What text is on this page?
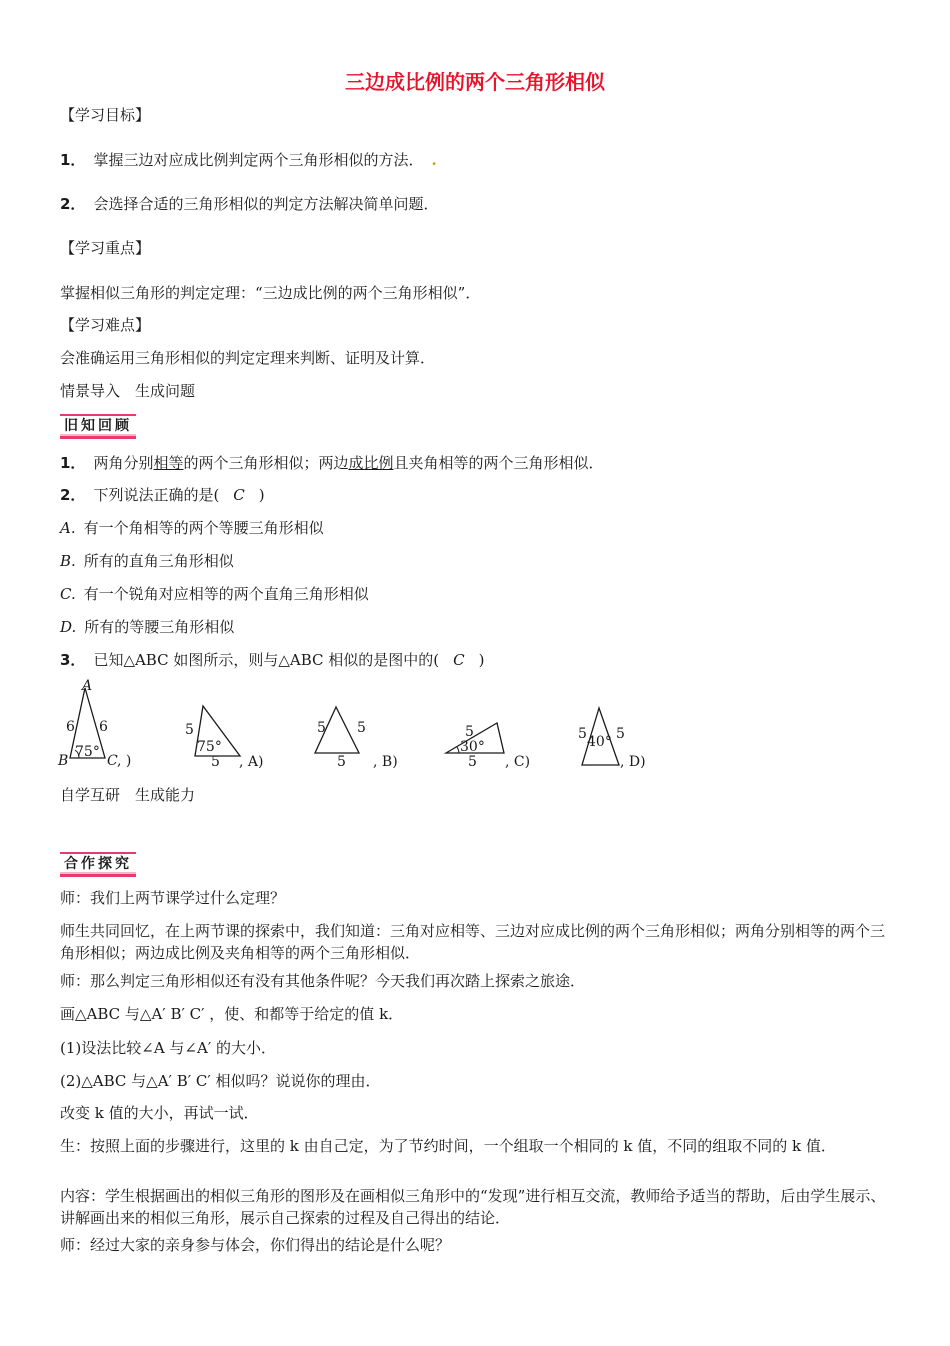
三边成比例的两个三角形相似
【学习目标】
1． 掌握三边对应成比例判定两个三角形相似的方法． .
2． 会选择合适的三角形相似的判定方法解决简单问题．
【学习重点】
掌握相似三角形的判定定理：“三边成比例的两个三角形相似”．
【学习难点】
会准确运用三角形相似的判定定理来判断、证明及计算．
情景导入　生成问题
旧知回顾
1． 两角分别相等的两个三角形相似；两边成比例且夹角相等的两个三角形相似．
2． 下列说法正确的是( C )
A. 有一个角相等的两个等腰三角形相似
B. 所有的直角三角形相似
C. 有一个锐角对应相等的两个直角三角形相似
D. 所有的等腰三角形相似
3． 已知△ABC 如图所示，则与△ABC 相似的是图中的( C )
A
B	C , )
6 6
75°
5
5
75°
, A)
5 5
5 , B)
5
5
30°
, C)
5 5
40°
, D)
自学互研　生成能力
合作探究
师：我们上两节课学过什么定理？
师生共同回忆，在上两节课的探索中，我们知道：三角对应相等、三边对应成比例的两个三角形相似；两角分别相等的两个三角形相似；两边成比例及夹角相等的两个三角形相似．
师：那么判定三角形相似还有没有其他条件呢？今天我们再次踏上探索之旅途．
画△ABC 与△A′ B′ C′ ，使、和都等于给定的值 k．
(1)设法比较∠A 与∠A′ 的大小．
(2)△ABC 与△A′ B′ C′ 相似吗？说说你的理由．
改变 k 值的大小，再试一试．
生：按照上面的步骤进行，这里的 k 由自己定，为了节约时间，一个组取一个相同的 k 值，不同的组取不同的 k 值．
内容：学生根据画出的相似三角形的图形及在画相似三角形中的“发现”进行相互交流，教师给予适当的帮助，后由学生展示、讲解画出来的相似三角形，展示自己探索的过程及自己得出的结论．
师：经过大家的亲身参与体会，你们得出的结论是什么呢？
